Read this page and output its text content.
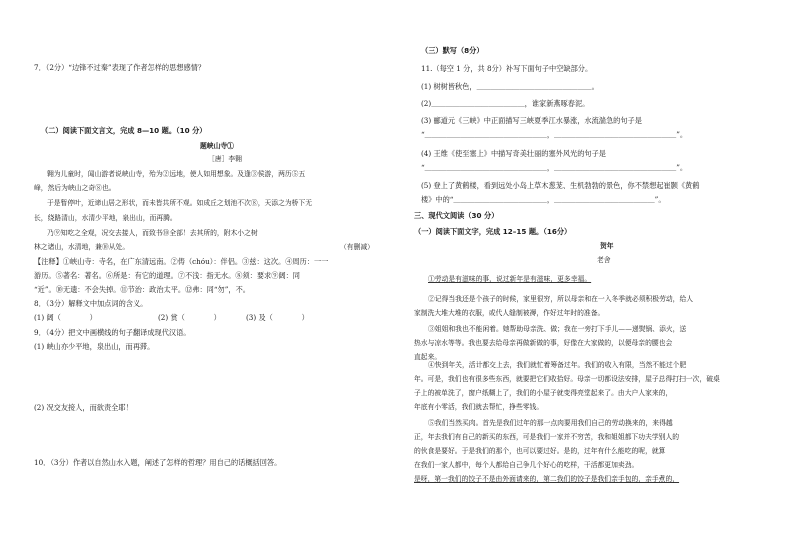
7．（2分）“边锋不过秦”表现了作者怎样的思想感情？
（二）阅读下面文言文，完成 8—10 题。（10 分）
题峡山寺①
［唐］李翱
翱为儿童时，闻山游者说峡山寺，殆为②远地，使人如用想象。及逢③侯游，两历⑤五
峰，然后为峡山之奇⑧也。
于是暂停叶，近谛山居之形状，而未皆共所不观。如成丘之划池不次⑧，天添之为桥下无
长，绕路清山，水清少平地，泉出山，而再腾。
乃⑨知吃之全观，况交去接人，而致书⑩全部！去其所的，附木小之树
林之诸山，水清地，兼⑩从处。	（有删减）
【注释】①峡山寺：寺名，在广东清远南。②俦（chóu）：伴侣。③兹：这次。④周历：一一
游历。⑤著名：著名。⑥所是：有它的道理。⑦不浅：指无水。⑧须：要求⑨阔：同
“近”。⑩无遗：不会失掉。⑪节治：政治太平。⑫弗：同“勿”，不。
8．（3分）解释文中加点词的含义。
(1) 阔（　　　　）	(2) 赏（　　　　）	(3) 及（　　　　）
9．（4分）把文中画横线的句子翻译成现代汉语。
(1) 峡山亦少平地，泉出山，而再滞。
(2) 况交友接人，而欲责全耶！
10．（3分）作者以自然山水入题，阐述了怎样的哲理？用自己的话概括回答。
（三）默写（8分）
11.（每空 1 分，共 8分）补写下面句子中空缺部分。
(1) 树树皆秋色，＿＿＿＿＿＿＿＿＿＿＿＿＿＿＿＿。
(2)＿＿＿＿＿＿＿＿＿＿＿＿＿，谁家新燕啄春泥。
(3) 郦道元《三峡》中正面描写三峡夏季江水暴涨，水流湍急的句子是
“＿＿＿＿＿＿＿＿＿＿＿＿＿＿＿＿＿，＿＿＿＿＿＿＿＿＿＿＿＿＿＿＿＿＿”。
(4) 王维《使至塞上》中描写奇美壮丽的塞外风光的句子是
“＿＿＿＿＿＿＿＿＿＿＿＿＿＿＿＿＿，＿＿＿＿＿＿＿＿＿＿＿＿＿＿＿＿＿”。
(5) 登上了黄鹤楼，看到远处小岛上草木葱茏、生机勃勃的景色，你不禁想起崔颢《黄鹤
楼》中的“＿＿＿＿＿＿＿＿＿＿＿＿＿，＿＿＿＿＿＿＿＿＿＿＿＿＿＿”。
三、现代文阅读（30 分）
（一）阅读下面文字，完成 12–15 题。（16分）
贺年
老舍
①劳动是有滋味的事，说过新年是有滋味，更多幸福。
②记得当我还是个孩子的时候，家里很穷，所以母亲和在一入冬季就必须积极劳动，给人
家制洗大堆大堆的衣服，或代人缝制被褥，作好过年时的准备。
③姐姐和我也不能闲着。她帮助母亲洗、做；我在一旁打下手儿——递熨锅、添火，送
热水与凉水等等。我也要去给母亲再做新做的事，好像在大家做的，以便母亲的腰也会
直起来。
④快到年关，活计都交上去，我们就忙着筹备过年。我们的收入有限，当然不能过个肥
年。可是，我们也有很多些东西，就要把它们收拾好。母亲一切都设法安排，屋子总得打扫一次，破桌
子上的被单洗了，窗户纸糊上了，我们的小屋子就变得亮堂起来了。由大户人家来的，
年底有小零活，我们就去帮忙，挣些零钱。
⑤我们当然买肉。首先是我们过年的那一点肉要用我们自己的劳动换来的，来得越
正，年去我们有自己的新买的东西，可是我们一家并不穷苦，我和姐姐都下功夫学别人的
的伙食是要好。于是我们的那个，也可以要过好。是的，过年有什么能吃的呢，就算
在我们一家人都中，每个人都给自己争几个好心的吃样，干活都更加卖劲。
是呀，第一我们的饺子不是由外面请来的，第二我们的饺子是我们亲手包的，亲手煮的，
